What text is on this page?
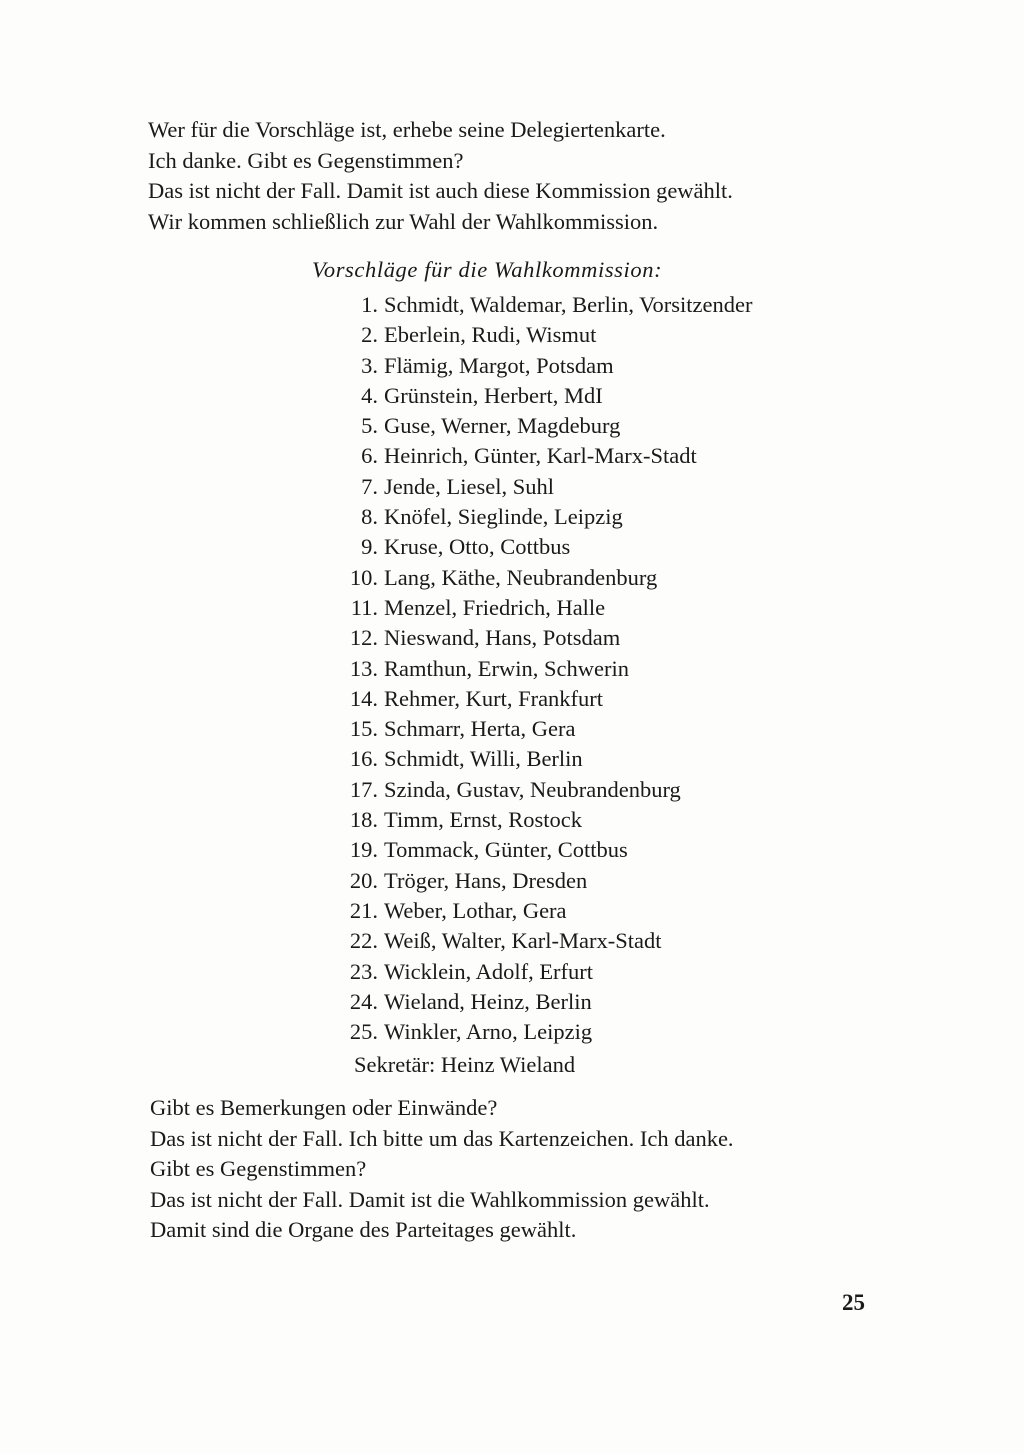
Wer für die Vorschläge ist, erhebe seine Delegiertenkarte.
Ich danke. Gibt es Gegenstimmen?
Das ist nicht der Fall. Damit ist auch diese Kommission gewählt.
Wir kommen schließlich zur Wahl der Wahlkommission.
Vorschläge für die Wahlkommission:
1. Schmidt, Waldemar, Berlin, Vorsitzender
2. Eberlein, Rudi, Wismut
3. Flämig, Margot, Potsdam
4. Grünstein, Herbert, MdI
5. Guse, Werner, Magdeburg
6. Heinrich, Günter, Karl-Marx-Stadt
7. Jende, Liesel, Suhl
8. Knöfel, Sieglinde, Leipzig
9. Kruse, Otto, Cottbus
10. Lang, Käthe, Neubrandenburg
11. Menzel, Friedrich, Halle
12. Nieswand, Hans, Potsdam
13. Ramthun, Erwin, Schwerin
14. Rehmer, Kurt, Frankfurt
15. Schmarr, Herta, Gera
16. Schmidt, Willi, Berlin
17. Szinda, Gustav, Neubrandenburg
18. Timm, Ernst, Rostock
19. Tommack, Günter, Cottbus
20. Tröger, Hans, Dresden
21. Weber, Lothar, Gera
22. Weiß, Walter, Karl-Marx-Stadt
23. Wicklein, Adolf, Erfurt
24. Wieland, Heinz, Berlin
25. Winkler, Arno, Leipzig
Sekretär: Heinz Wieland
Gibt es Bemerkungen oder Einwände?
Das ist nicht der Fall. Ich bitte um das Kartenzeichen. Ich danke.
Gibt es Gegenstimmen?
Das ist nicht der Fall. Damit ist die Wahlkommission gewählt.
Damit sind die Organe des Parteitages gewählt.
25
